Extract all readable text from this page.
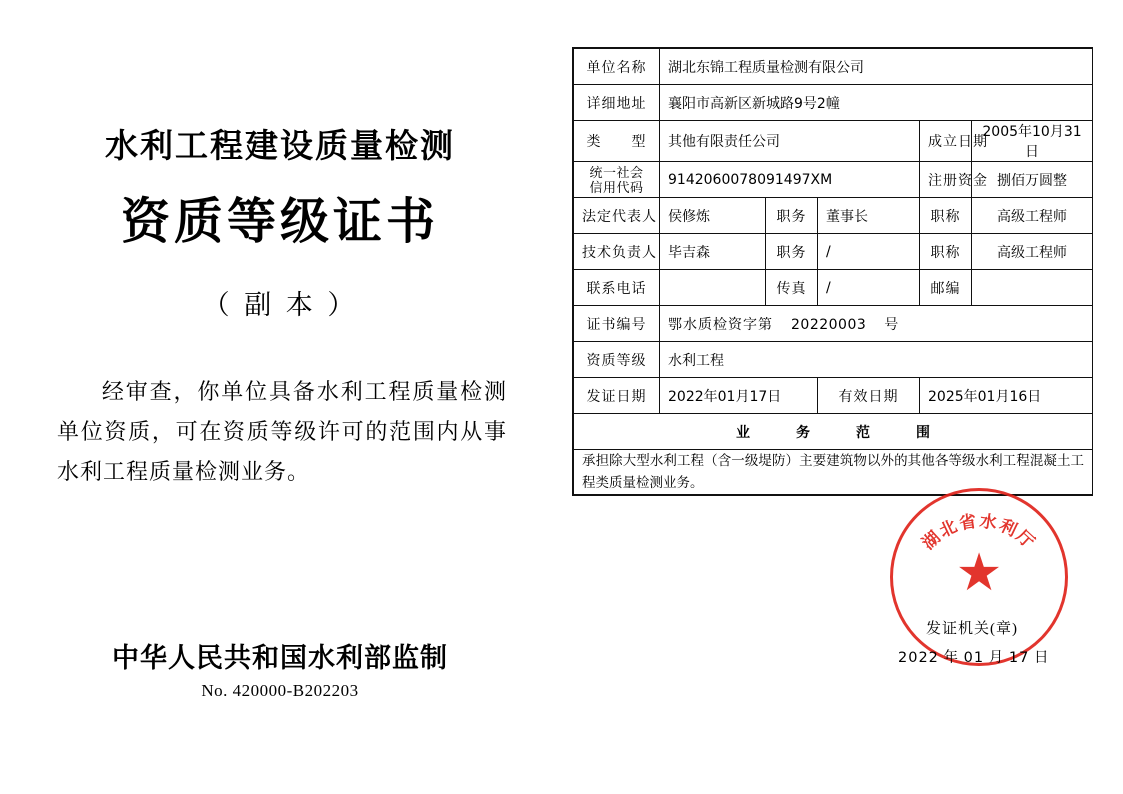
水利工程建设质量检测
资质等级证书
（ 副 本 ）
经审查，你单位具备水利工程质量检测单位资质，可在资质等级许可的范围内从事水利工程质量检测业务。
中华人民共和国水利部监制
No. 420000-B202203
单位名称	湖北东锦工程质量检测有限公司				
详细地址	襄阳市高新区新城路9号2幢				
类　　型	其他有限责任公司			成立日期	2005年10月31日

统一社会
信用代码	9142060078091497XM			注册资金	捌佰万圆整
法定代表人	侯修炼	职务	董事长	职称	高级工程师
技术负责人	毕吉森	职务	/	职称	高级工程师
联系电话		传真	/	邮编	
证书编号	鄂水质检资字第 20220003 号				
资质等级	水利工程				
发证日期	2022年01月17日		有效日期	2025年01月16日	
业　务　范　围					

承担除大型水利工程（含一级堤防）主要建筑物以外的其他各等级水利工程混凝土工程类质量检测业务。
湖北省水利厅
★
发证机关(章)
2022 年 01 月 17 日					
